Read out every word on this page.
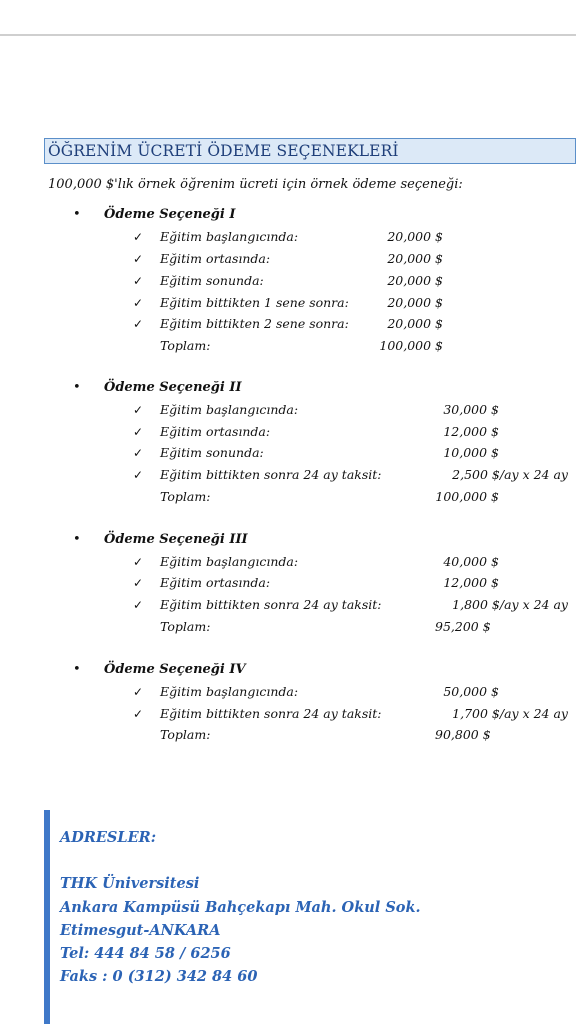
ÖĞRENİM ÜCRETİ ÖDEME SEÇENEKLERİ
100,000 $'lık örnek öğrenim ücreti için örnek ödeme seçeneği:
• Ödeme Seçeneği I
✓ Eğitim başlangıcında:	20,000 $
✓ Eğitim ortasında:	20,000 $
✓ Eğitim sonunda:	20,000 $
✓ Eğitim bittikten 1 sene sonra:	20,000 $
✓ Eğitim bittikten 2 sene sonra:	20,000 $
Toplam:	100,000 $
• Ödeme Seçeneği II
✓ Eğitim başlangıcında:	30,000 $
✓ Eğitim ortasında:	12,000 $
✓ Eğitim sonunda:	10,000 $
✓ Eğitim bittikten sonra 24 ay taksit:	2,500 $/ay x 24 ay
Toplam:	100,000 $
• Ödeme Seçeneği III
✓ Eğitim başlangıcında:	40,000 $
✓ Eğitim ortasında:	12,000 $
✓ Eğitim bittikten sonra 24 ay taksit:	1,800 $/ay x 24 ay
Toplam:	95,200 $
• Ödeme Seçeneği IV
✓ Eğitim başlangıcında:	50,000 $
✓ Eğitim bittikten sonra 24 ay taksit:	1,700 $/ay x 24 ay
Toplam:	90,800 $
ADRESLER:
THK Üniversitesi
Ankara Kampüsü Bahçekapı Mah. Okul Sok.
Etimesgut-ANKARA
Tel: 444 84 58 / 6256
Faks : 0 (312) 342 84 60
